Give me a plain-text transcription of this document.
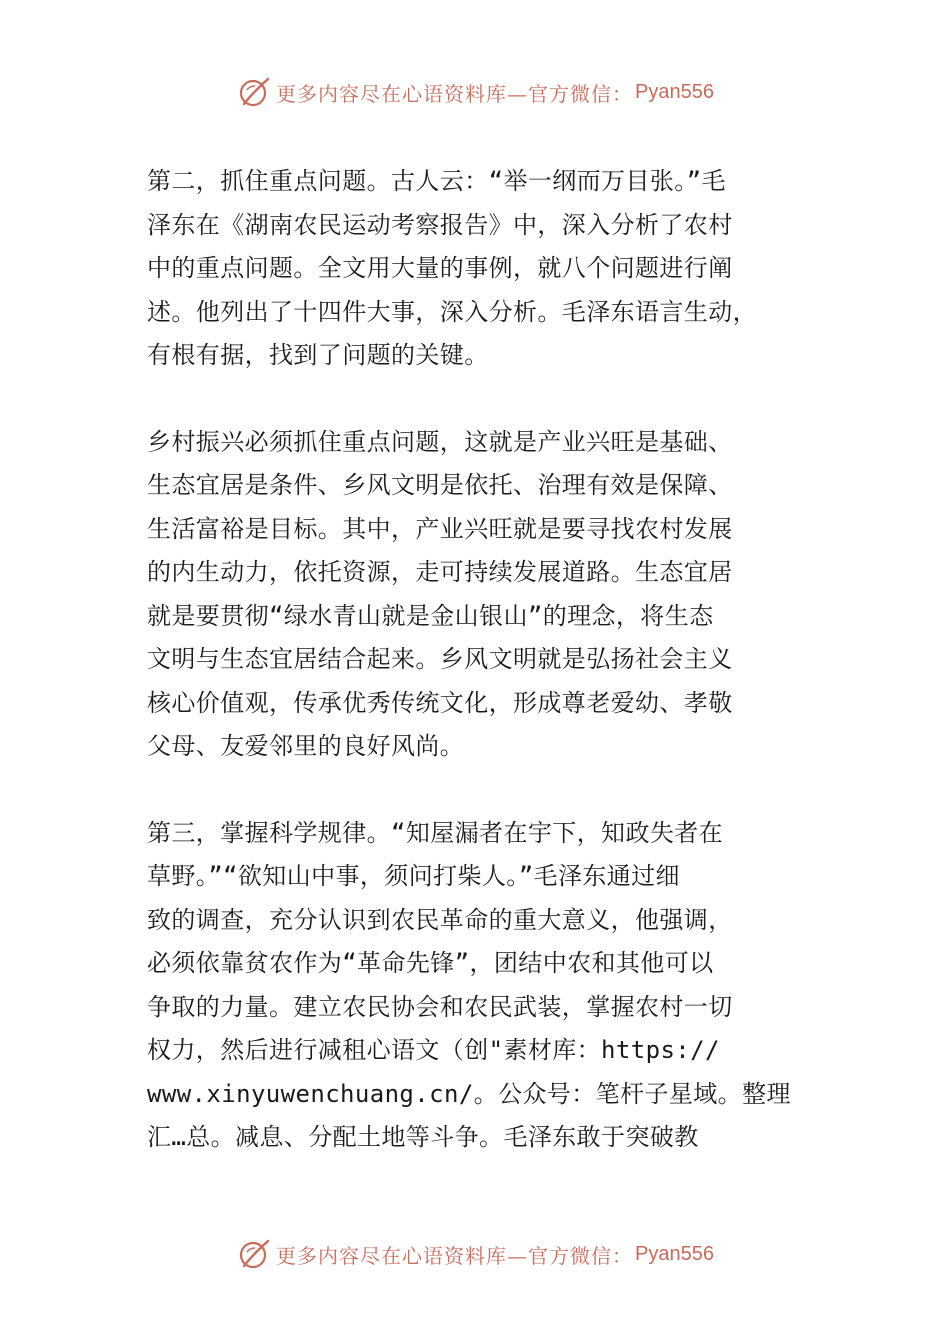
更多内容尽在心语资料库—官方微信： Pyan556

第二，抓住重点问题。古人云：“举一纲而万目张。”毛
泽东在《湖南农民运动考察报告》中，深入分析了农村
中的重点问题。全文用大量的事例，就八个问题进行阐
述。他列出了十四件大事，深入分析。毛泽东语言生动，
有根有据，找到了问题的关键。

乡村振兴必须抓住重点问题，这就是产业兴旺是基础、
生态宜居是条件、乡风文明是依托、治理有效是保障、
生活富裕是目标。其中，产业兴旺就是要寻找农村发展
的内生动力，依托资源，走可持续发展道路。生态宜居
就是要贯彻“绿水青山就是金山银山”的理念，将生态
文明与生态宜居结合起来。乡风文明就是弘扬社会主义
核心价值观，传承优秀传统文化，形成尊老爱幼、孝敬
父母、友爱邻里的良好风尚。

第三，掌握科学规律。“知屋漏者在宇下，知政失者在
草野。”“欲知山中事，须问打柴人。”毛泽东通过细
致的调查，充分认识到农民革命的重大意义，他强调，
必须依靠贫农作为“革命先锋”，团结中农和其他可以
争取的力量。建立农民协会和农民武装，掌握农村一切
权力，然后进行减租心语文（创"素材库：https://
www.xinyuwenchuang.cn/。公众号：笔杆子星域。整理
汇…总。减息、分配土地等斗争。毛泽东敢于突破教

更多内容尽在心语资料库—官方微信： Pyan556
